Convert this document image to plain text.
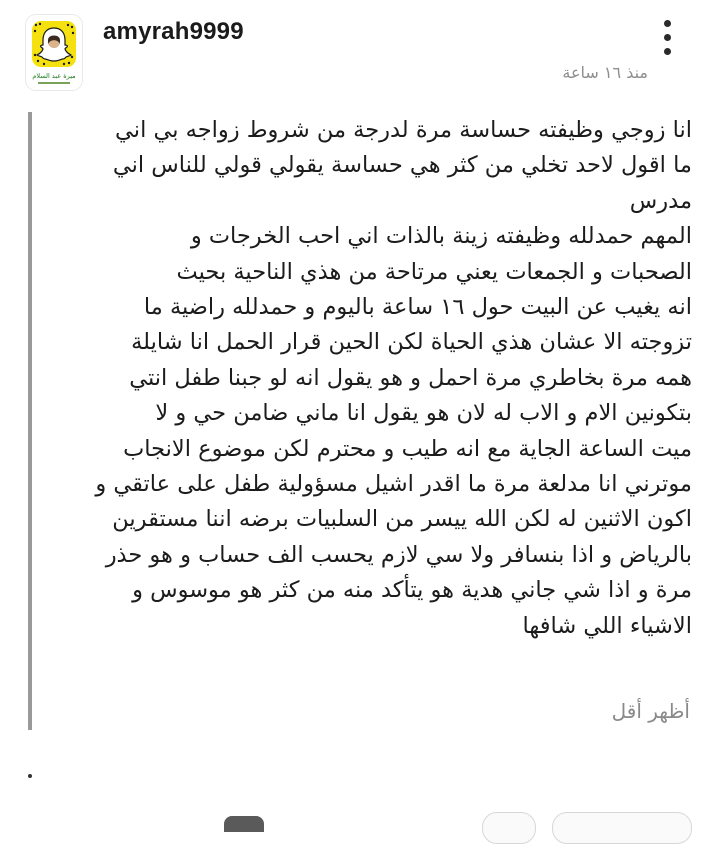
ميرة عبد السلام
amyrah9999
منذ ١٦ ساعة
انا زوجي وظيفته حساسة مرة لدرجة من شروط زواجه بي اني
ما اقول لاحد تخلي من كثر هي حساسة يقولي قولي للناس اني
مدرس
المهم حمدلله وظيفته زينة بالذات اني احب الخرجات و
الصحبات و الجمعات يعني مرتاحة من هذي الناحية بحيث
انه يغيب عن البيت حول ١٦ ساعة باليوم و حمدلله راضية ما
تزوجته الا عشان هذي الحياة لكن الحين قرار الحمل انا شايلة
همه مرة بخاطري مرة احمل و هو يقول انه لو جبنا طفل انتي
بتكونين الام و الاب له لان هو يقول انا ماني ضامن حي و لا
ميت الساعة الجاية مع انه طيب و محترم لكن موضوع الانجاب
موترني انا مدلعة مرة ما اقدر اشيل مسؤولية طفل على عاتقي و
اكون الاثنين له لكن الله ييسر من السلبيات برضه اننا مستقرين
بالرياض و اذا بنسافر ولا سي لازم يحسب الف حساب و هو حذر
مرة و اذا شي جاني هدية هو يتأكد منه من كثر هو موسوس و
الاشياء اللي شافها
أظهر أقل
